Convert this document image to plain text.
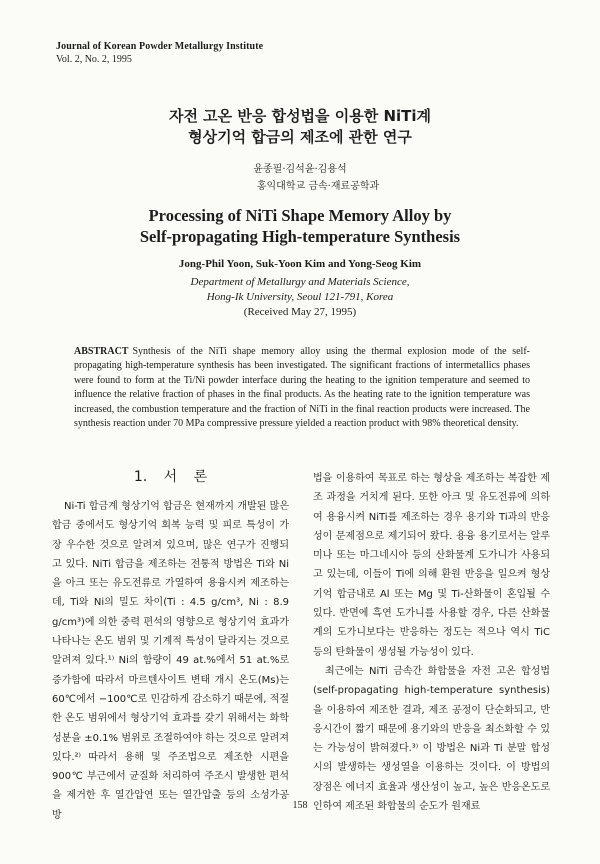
Journal of Korean Powder Metallurgy Institute
Vol. 2, No. 2, 1995
자전 고온 반응 합성법을 이용한 NiTi계
형상기억 합금의 제조에 관한 연구
윤종필·김석윤·김용석
홍익대학교 금속·재료공학과
Processing of NiTi Shape Memory Alloy by
Self-propagating High-temperature Synthesis
Jong-Phil Yoon, Suk-Yoon Kim and Yong-Seog Kim
Department of Metallurgy and Materials Science,
Hong-Ik University, Seoul 121-791, Korea
(Received May 27, 1995)
ABSTRACT Synthesis of the NiTi shape memory alloy using the thermal explosion mode of the self-propagating high-temperature synthesis has been investigated. The significant fractions of intermetallics phases were found to form at the Ti/Ni powder interface during the heating to the ignition temperature and seemed to influence the relative fraction of phases in the final products. As the heating rate to the ignition temperature was increased, the combustion temperature and the fraction of NiTi in the final reaction products were increased. The synthesis reaction under 70 MPa compressive pressure yielded a reaction product with 98% theoretical density.
1. 서 론

Ni-Ti 합금계 형상기억 합금은 현재까지 개발된 많은 합금 중에서도 형상기억 회복 능력 및 피로 특성이 가장 우수한 것으로 알려져 있으며, 많은 연구가 진행되고 있다. NiTi 합금을 제조하는 전통적 방법은 Ti와 Ni을 아크 또는 유도전류로 가열하여 용융시켜 제조하는데, Ti와 Ni의 밀도 차이(Ti : 4.5 g/cm³, Ni : 8.9 g/cm³)에 의한 중력 편석의 영향으로 형상기억 효과가 나타나는 온도 범위 및 기계적 특성이 달라지는 것으로 알려져 있다.¹⁾ Ni의 함량이 49 at.%에서 51 at.%로 증가함에 따라서 마르텐사이트 변태 개시 온도(Ms)는 60℃에서 −100℃로 민감하게 감소하기 때문에, 적절한 온도 범위에서 형상기억 효과를 갖기 위해서는 화학 성분을 ±0.1% 범위로 조절하여야 하는 것으로 알려져 있다.²⁾ 따라서 용해 및 주조법으로 제조한 시편을 900℃ 부근에서 균질화 처리하여 주조시 발생한 편석을 제거한 후 열간압연 또는 열간압출 등의 소성가공 방

법을 이용하여 목표로 하는 형상을 제조하는 복잡한 제조 과정을 거치게 된다. 또한 아크 및 유도전류에 의하여 용융시켜 NiTi를 제조하는 경우 용기와 Ti과의 반응성이 문제점으로 제기되어 왔다. 용융 용기로서는 알루미나 또는 마그네시아 등의 산화물계 도가니가 사용되고 있는데, 이들이 Ti에 의해 환원 반응을 일으켜 형상기억 합금내로 Al 또는 Mg 및 Ti-산화물이 혼입될 수 있다. 반면에 흑연 도가니를 사용할 경우, 다른 산화물계의 도가니보다는 반응하는 정도는 적으나 역시 TiC 등의 탄화물이 생성될 가능성이 있다.

최근에는 NiTi 금속간 화합물을 자전 고온 합성법(self-propagating high-temperature synthesis)을 이용하여 제조한 결과, 제조 공정이 단순화되고, 반응시간이 짧기 때문에 용기와의 반응을 최소화할 수 있는 가능성이 밝혀졌다.³⁾ 이 방법은 Ni과 Ti 분말 합성시의 발생하는 생성열을 이용하는 것이다. 이 방법의 장점은 에너지 효율과 생산성이 높고, 높은 반응온도로 인하여 제조된 화합물의 순도가 원재료

158
